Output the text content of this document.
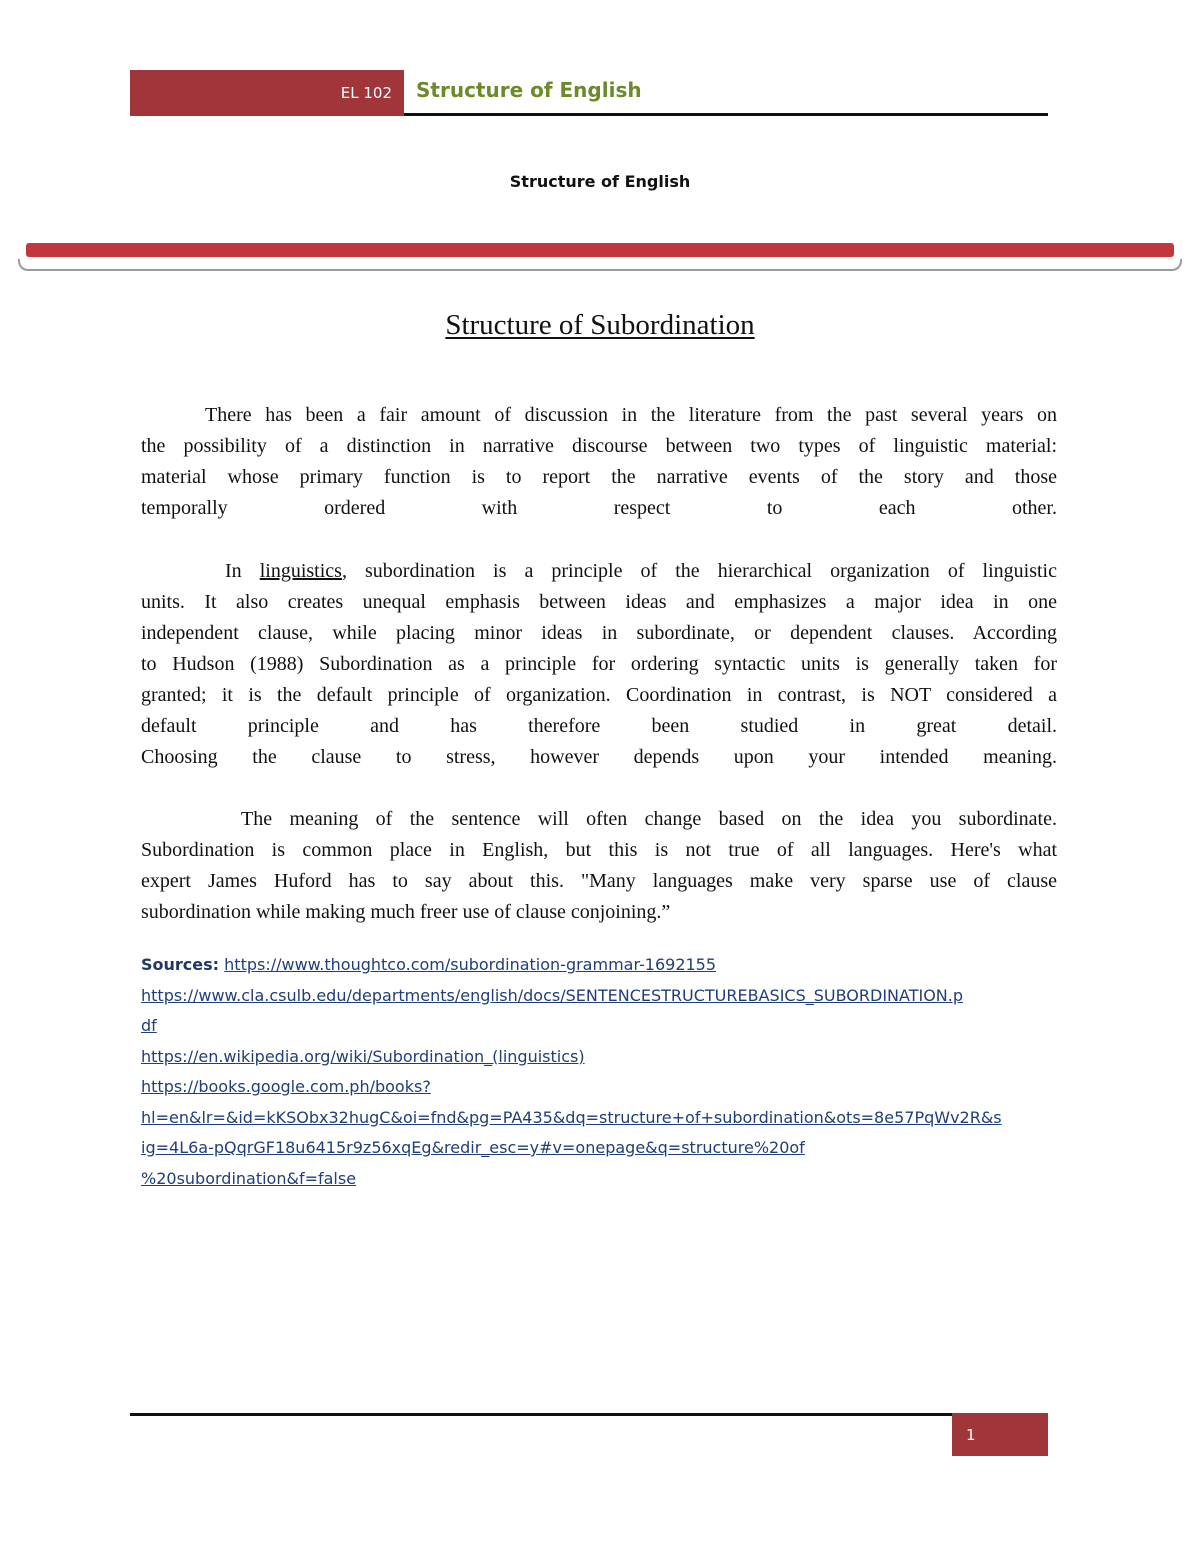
EL 102 Structure of English
Structure of English
Structure of Subordination
There has been a fair amount of discussion in the literature from the past several years on
the possibility of a distinction in narrative discourse between two types of linguistic material:
material whose primary function is to report the narrative events of the story and those
temporally ordered with respect to each other.
In linguistics, subordination is a principle of the hierarchical organization of linguistic
units. It also creates unequal emphasis between ideas and emphasizes a major idea in one
independent clause, while placing minor ideas in subordinate, or dependent clauses. According
to Hudson (1988) Subordination as a principle for ordering syntactic units is generally taken for
granted; it is the default principle of organization. Coordination in contrast, is NOT considered a
default principle and has therefore been studied in great detail.
Choosing the clause to stress, however depends upon your intended meaning.
The meaning of the sentence will often change based on the idea you subordinate.
Subordination is common place in English, but this is not true of all languages. Here's what
expert James Huford has to say about this. "Many languages make very sparse use of clause
subordination while making much freer use of clause conjoining.”
Sources: https://www.thoughtco.com/subordination-grammar-1692155
https://www.cla.csulb.edu/departments/english/docs/SENTENCESTRUCTUREBASICS_SUBORDINATION.p
df
https://en.wikipedia.org/wiki/Subordination_(linguistics)
https://books.google.com.ph/books?
hl=en&lr=&id=kKSObx32hugC&oi=fnd&pg=PA435&dq=structure+of+subordination&ots=8e57PqWv2R&s
ig=4L6a-pQqrGF18u6415r9z56xqEg&redir_esc=y#v=onepage&q=structure%20of
%20subordination&f=false
1
